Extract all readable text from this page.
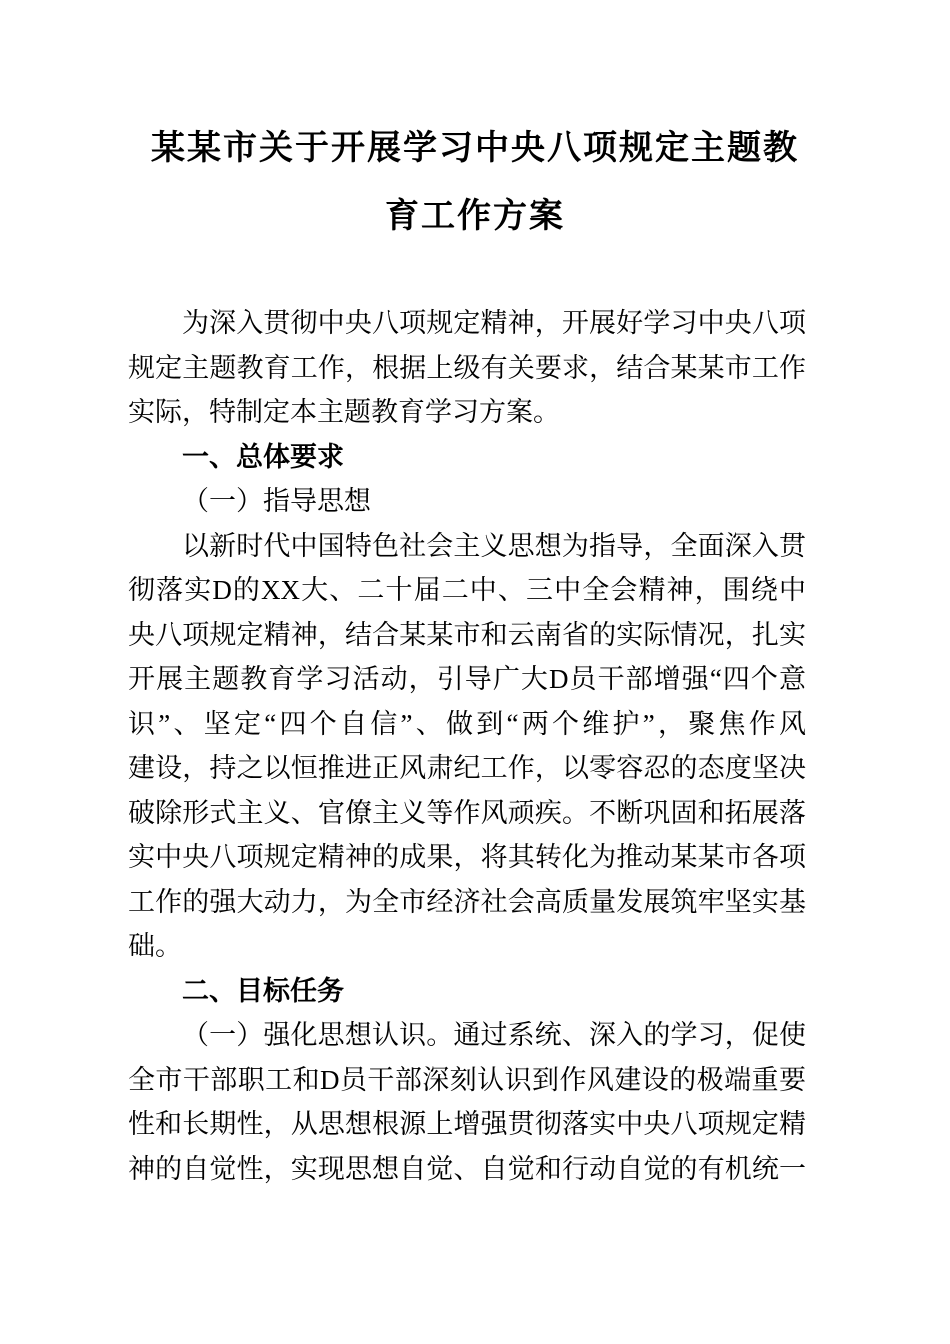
某某市关于开展学习中央八项规定主题教
育工作方案
为深入贯彻中央八项规定精神，开展好学习中央八项
规定主题教育工作，根据上级有关要求，结合某某市工作
实际，特制定本主题教育学习方案。
一、总体要求
（一）指导思想
以新时代中国特色社会主义思想为指导，全面深入贯
彻落实D的XX大、二十届二中、三中全会精神，围绕中
央八项规定精神，结合某某市和云南省的实际情况，扎实
开展主题教育学习活动，引导广大D员干部增强“四个意
识”、坚定“四个自信”、做到“两个维护”，聚焦作风
建设，持之以恒推进正风肃纪工作，以零容忍的态度坚决
破除形式主义、官僚主义等作风顽疾。不断巩固和拓展落
实中央八项规定精神的成果，将其转化为推动某某市各项
工作的强大动力，为全市经济社会高质量发展筑牢坚实基
础。
二、目标任务
（一）强化思想认识。通过系统、深入的学习，促使
全市干部职工和D员干部深刻认识到作风建设的极端重要
性和长期性，从思想根源上增强贯彻落实中央八项规定精
神的自觉性，实现思想自觉、自觉和行动自觉的有机统一
